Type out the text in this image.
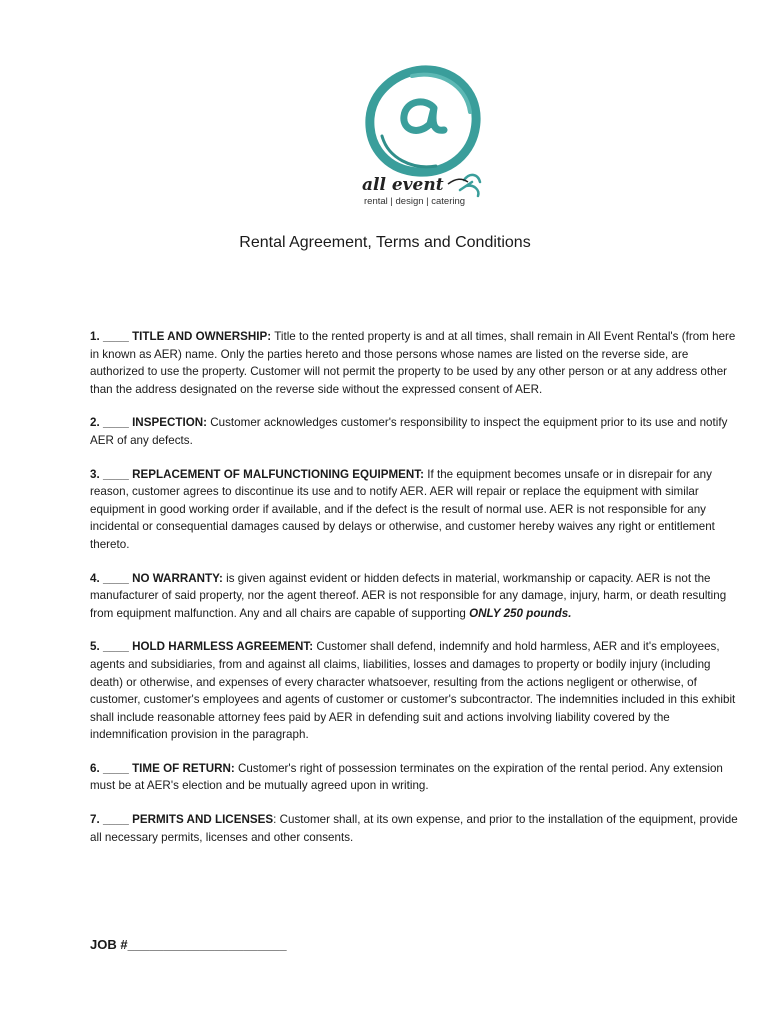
all event
rental | design | catering
Rental Agreement, Terms and Conditions

1. ____ TITLE AND OWNERSHIP: Title to the rented property is and at all times, shall remain in All Event Rental's (from here in known as AER) name. Only the parties hereto and those persons whose names are listed on the reverse side, are authorized to use the property. Customer will not permit the property to be used by any other person or at any address other than the address designated on the reverse side without the expressed consent of AER.

2. ____ INSPECTION: Customer acknowledges customer's responsibility to inspect the equipment prior to its use and notify AER of any defects.

3. ____ REPLACEMENT OF MALFUNCTIONING EQUIPMENT: If the equipment becomes unsafe or in disrepair for any reason, customer agrees to discontinue its use and to notify AER. AER will repair or replace the equipment with similar equipment in good working order if available, and if the defect is the result of normal use. AER is not responsible for any incidental or consequential damages caused by delays or otherwise, and customer hereby waives any right or entitlement thereto.

4. ____ NO WARRANTY: is given against evident or hidden defects in material, workmanship or capacity. AER is not the manufacturer of said property, nor the agent thereof. AER is not responsible for any damage, injury, harm, or death resulting from equipment malfunction. Any and all chairs are capable of supporting ONLY 250 pounds.

5. ____ HOLD HARMLESS AGREEMENT: Customer shall defend, indemnify and hold harmless, AER and it's employees, agents and subsidiaries, from and against all claims, liabilities, losses and damages to property or bodily injury (including death) or otherwise, and expenses of every character whatsoever, resulting from the actions negligent or otherwise, of customer, customer's employees and agents of customer or customer's subcontractor. The indemnities included in this exhibit shall include reasonable attorney fees paid by AER in defending suit and actions involving liability covered by the indemnification provision in the paragraph.

6. ____ TIME OF RETURN: Customer's right of possession terminates on the expiration of the rental period. Any extension must be at AER's election and be mutually agreed upon in writing.

7. ____ PERMITS AND LICENSES: Customer shall, at its own expense, and prior to the installation of the equipment, provide all necessary permits, licenses and other consents.

JOB #______________________
